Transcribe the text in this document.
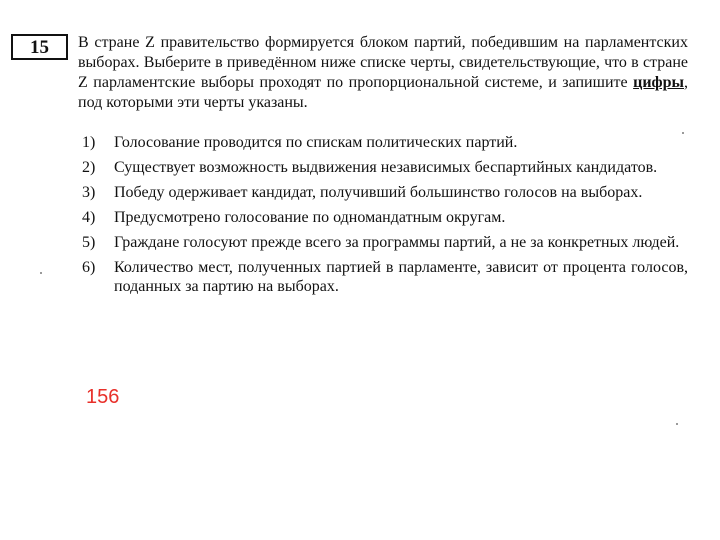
15	В стране Z правительство формируется блоком партий, победившим на парламентских выборах. Выберите в приведённом ниже списке черты, свидетельствующие, что в стране Z парламентские выборы проходят по пропорциональной системе, и запишите цифры, под которыми эти черты указаны.

1)	Голосование проводится по спискам политических партий.
2)	Существует возможность выдвижения независимых беспартийных кандидатов.
3)	Победу одерживает кандидат, получивший большинство голосов на выборах.
4)	Предусмотрено голосование по одномандатным округам.
5)	Граждане голосуют прежде всего за программы партий, а не за конкретных людей.
6)	Количество мест, полученных партией в парламенте, зависит от процента голосов, поданных за партию на выборах.
156
